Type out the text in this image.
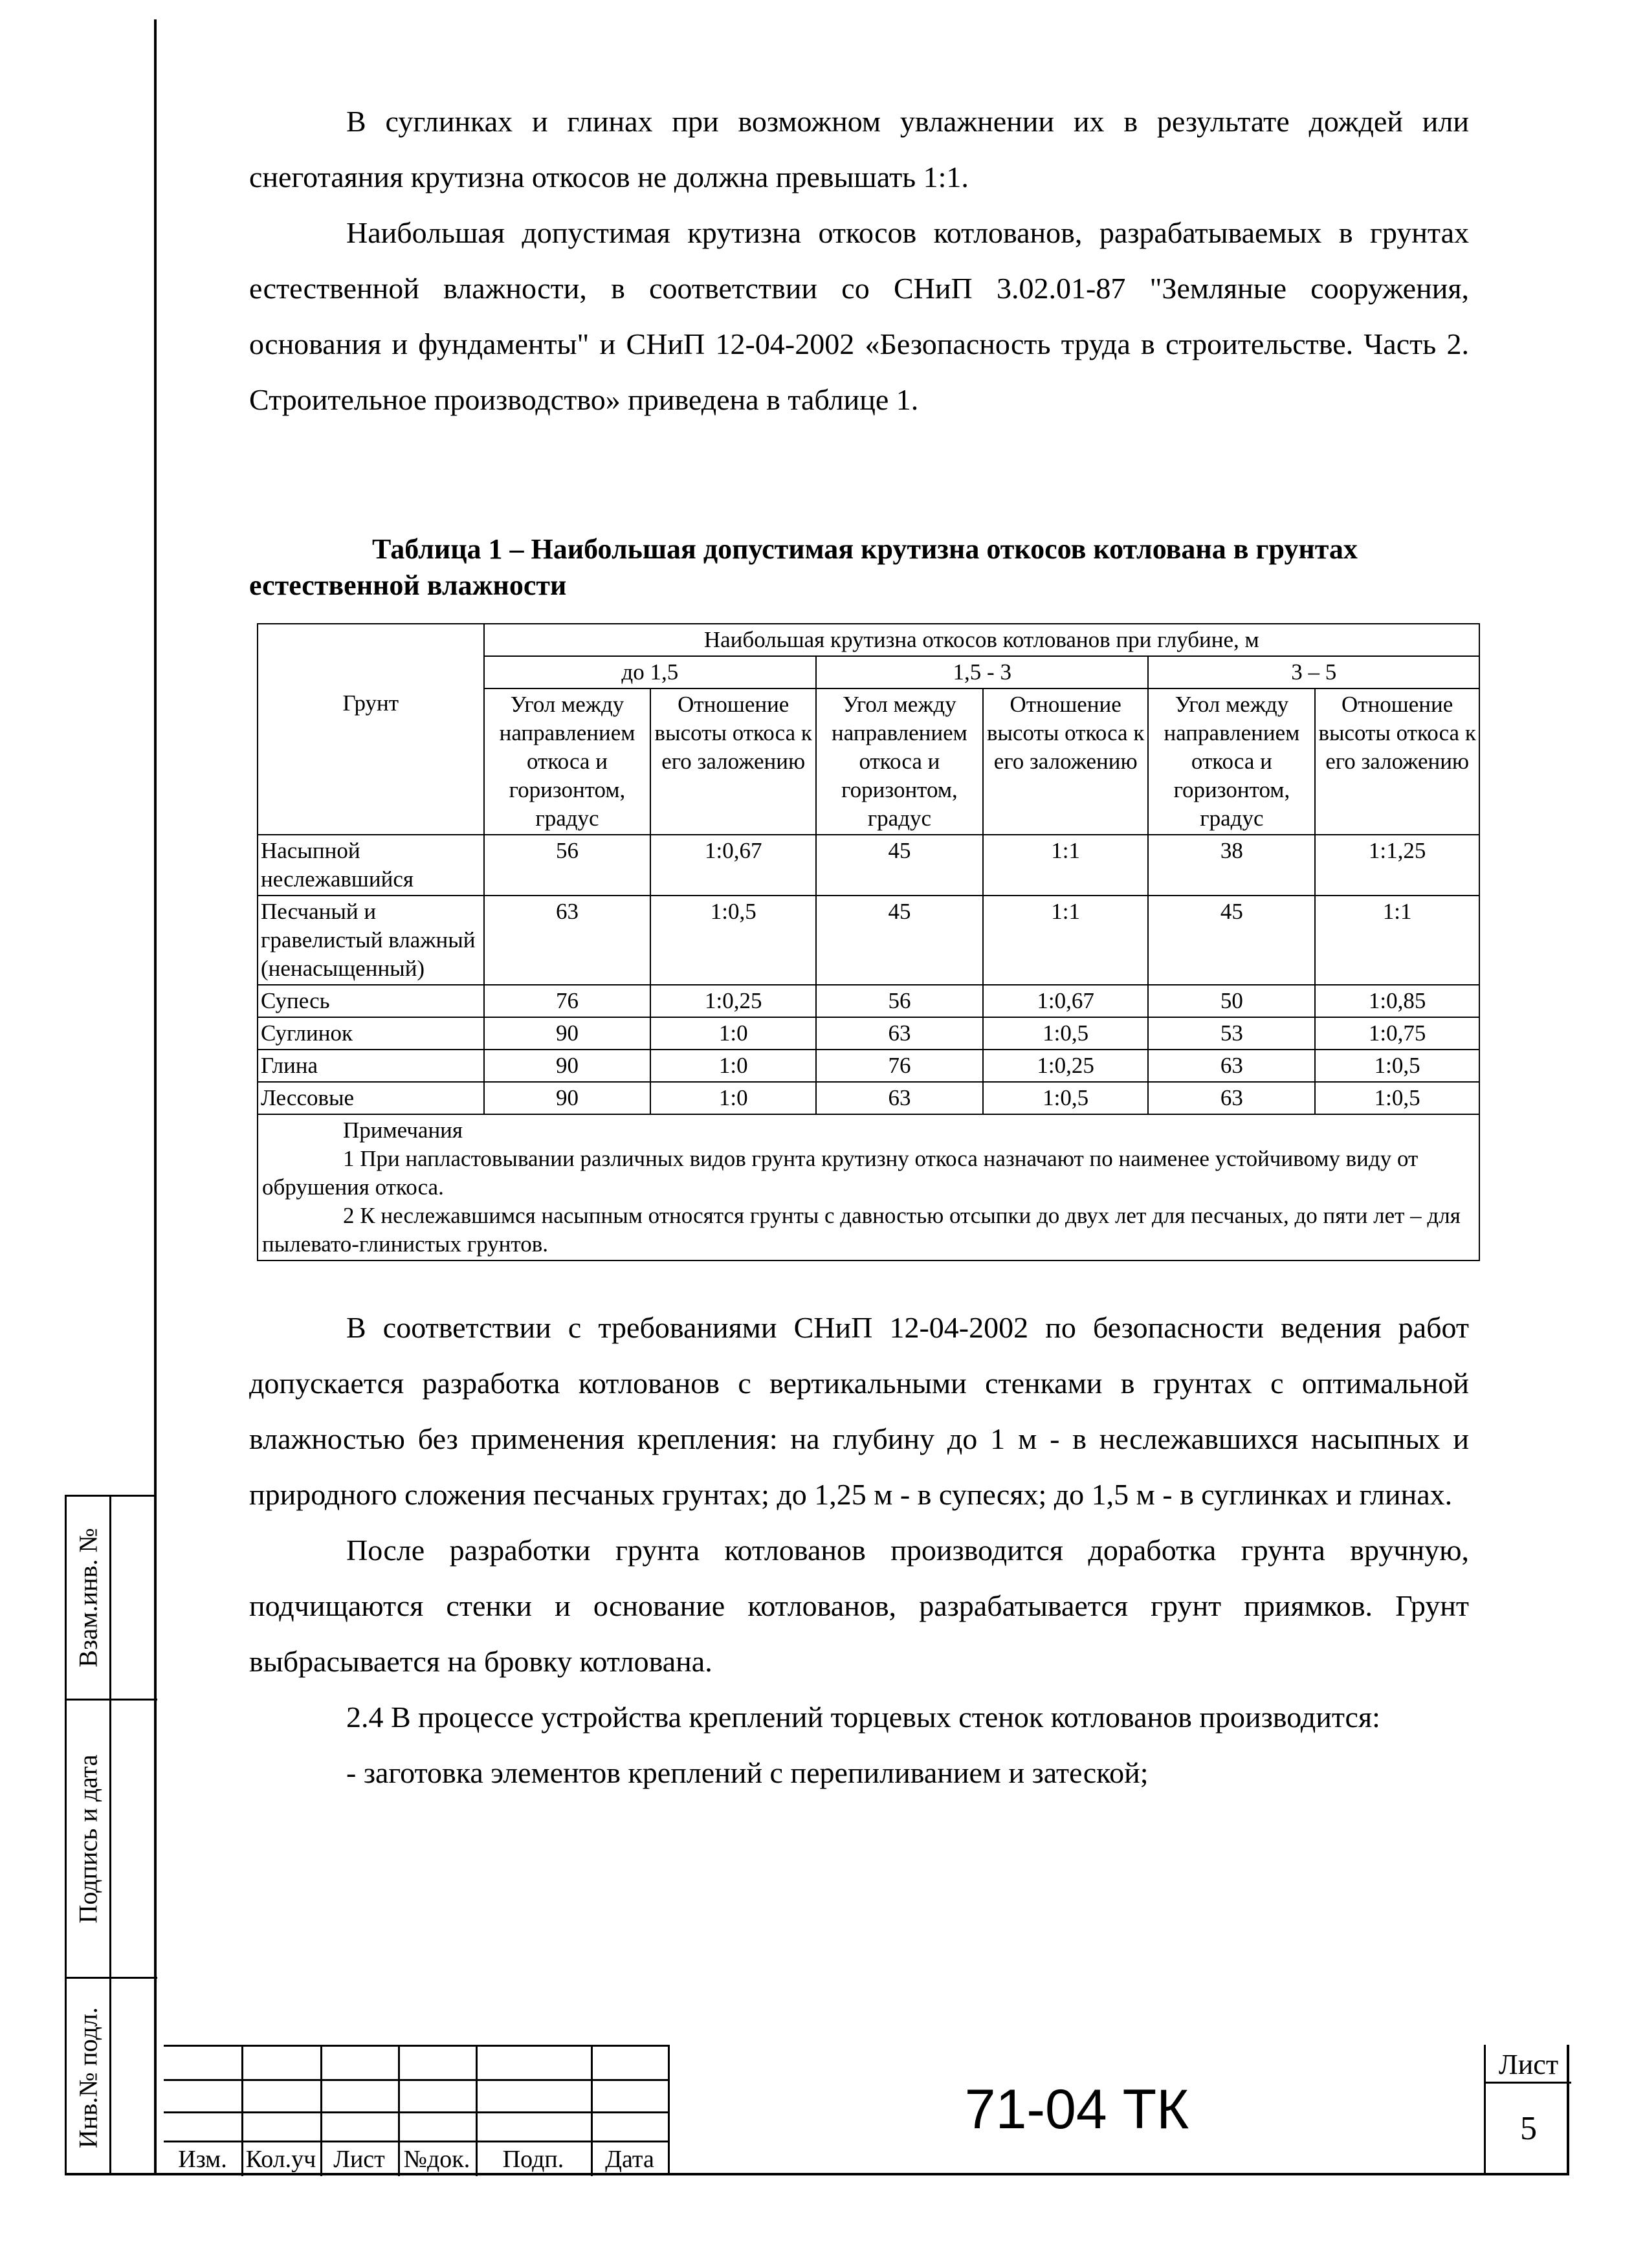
Взам.инв. №
Подпись и дата
Инв.№ подл.

В суглинках и глинах при возможном увлажнении их в результате дождей или снеготаяния крутизна откосов не должна превышать 1:1.

Наибольшая допустимая крутизна откосов котлованов, разрабатываемых в грунтах естественной влажности, в соответствии со СНиП 3.02.01-87 "Земляные сооружения, основания и фундаменты" и СНиП 12-04-2002 «Безопасность труда в строительстве. Часть 2. Строительное производство» приведена в таблице 1.

Таблица 1 – Наибольшая допустимая крутизна откосов котлована в грунтах естественной влажности

Грунт	Наибольшая крутизна откосов котлованов при глубине, м					
	до 1,5		1,5 - 3		3 – 5	
	Угол между направлением откоса и горизонтом, градус	Отношение высоты откоса к его заложению	Угол между направлением откоса и горизонтом, градус	Отношение высоты откоса к его заложению	Угол между направлением откоса и горизонтом, градус	Отношение высоты откоса к его заложению
Насыпной неслежавшийся	56	1:0,67	45	1:1	38	1:1,25
Песчаный и гравелистый влажный (ненасыщенный)	63	1:0,5	45	1:1	45	1:1
Супесь	76	1:0,25	56	1:0,67	50	1:0,85
Суглинок	90	1:0	63	1:0,5	53	1:0,75
Глина	90	1:0	76	1:0,25	63	1:0,5
Лессовые	90	1:0	63	1:0,5	63	1:0,5

Примечания
1 При напластовывании различных видов грунта крутизну откоса назначают по наименее устойчивому виду от обрушения откоса.
2 К неслежавшимся насыпным относятся грунты с давностью отсыпки до двух лет для песчаных, до пяти лет – для пылевато-глинистых грунтов.						

В соответствии с требованиями СНиП 12-04-2002 по безопасности ведения работ допускается разработка котлованов с вертикальными стенками в грунтах с оптимальной влажностью без применения крепления: на глубину до 1 м - в неслежавшихся насыпных и природного сложения песчаных грунтах; до 1,25 м - в супесях; до 1,5 м - в суглинках и глинах.

После разработки грунта котлованов производится доработка грунта вручную, подчищаются стенки и основание котлованов, разрабатывается грунт приямков. Грунт выбрасывается на бровку котлована.

2.4 В процессе устройства креплений торцевых стенок котлованов производится:

- заготовка элементов креплений с перепиливанием и затеской;

Изм. Кол.уч Лист №док.	Подп.	Дата
71-04 ТК
Лист
5
